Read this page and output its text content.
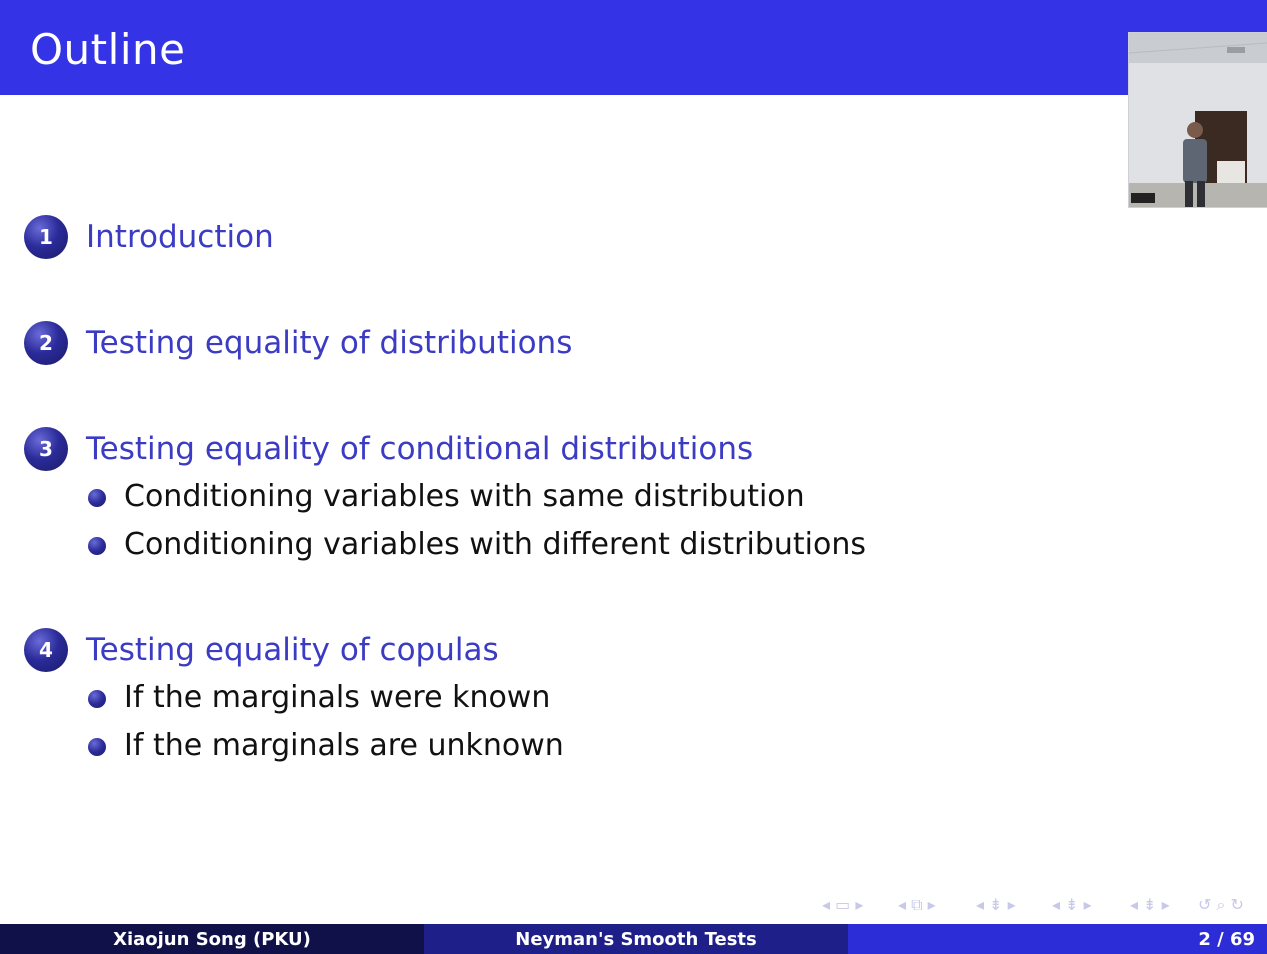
Outline
1	Introduction
2	Testing equality of distributions
3	Testing equality of conditional distributions
Conditioning variables with same distribution
Conditioning variables with different distributions
4	Testing equality of copulas
If the marginals were known
If the marginals are unknown
◂ ▭ ▸ ◂ ⧉ ▸	◂ ⇟ ▸ ◂ ⇟ ▸ ◂ ⇟ ▸ ↺ ⌕ ↻
Xiaojun Song (PKU)	Neyman's Smooth Tests	2 / 69
